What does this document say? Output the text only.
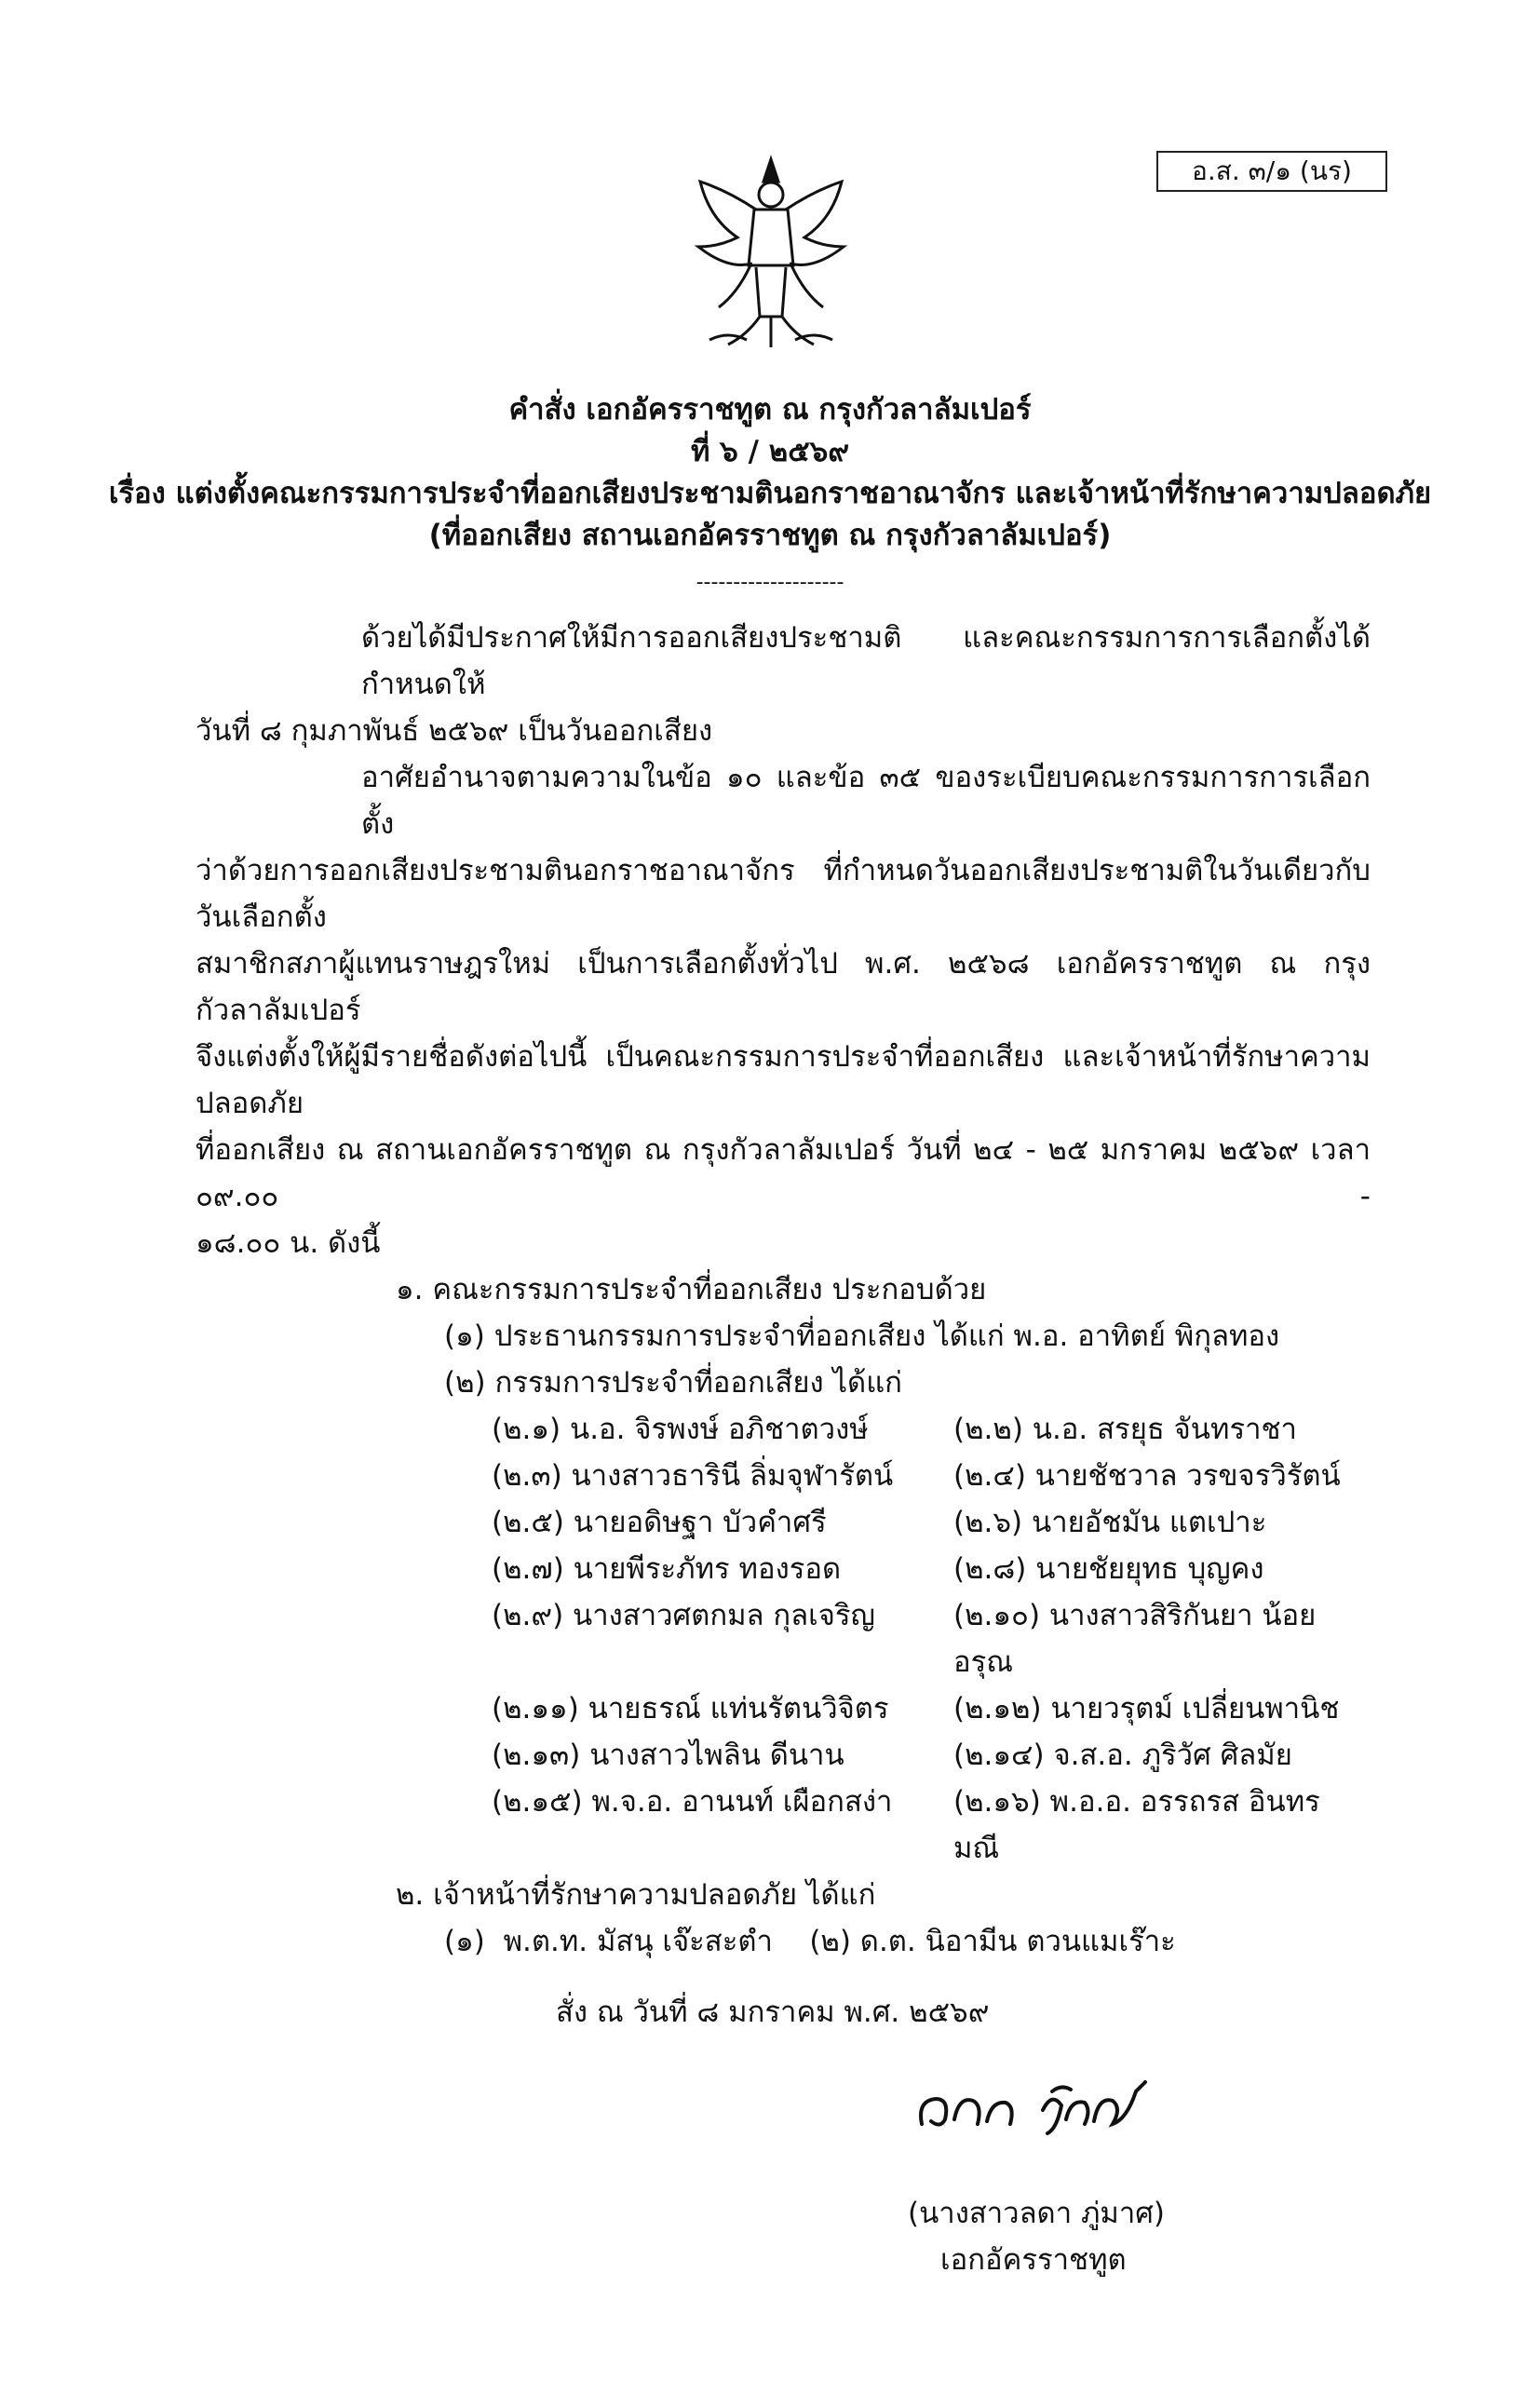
อ.ส. ๓/๑ (นร)
คำสั่ง เอกอัครราชทูต ณ กรุงกัวลาลัมเปอร์
ที่ ๖ / ๒๕๖๙
เรื่อง แต่งตั้งคณะกรรมการประจำที่ออกเสียงประชามตินอกราชอาณาจักร และเจ้าหน้าที่รักษาความปลอดภัย
(ที่ออกเสียง สถานเอกอัครราชทูต ณ กรุงกัวลาลัมเปอร์)
--------------------
ด้วยได้มีประกาศให้มีการออกเสียงประชามติ และคณะกรรมการการเลือกตั้งได้กำหนดให้
วันที่ ๘ กุมภาพันธ์ ๒๕๖๙ เป็นวันออกเสียง
อาศัยอำนาจตามความในข้อ ๑๐ และข้อ ๓๕ ของระเบียบคณะกรรมการการเลือกตั้ง
ว่าด้วยการออกเสียงประชามตินอกราชอาณาจักร ที่กำหนดวันออกเสียงประชามติในวันเดียวกับวันเลือกตั้ง
สมาชิกสภาผู้แทนราษฎรใหม่ เป็นการเลือกตั้งทั่วไป พ.ศ. ๒๕๖๘ เอกอัครราชทูต ณ กรุงกัวลาลัมเปอร์
จึงแต่งตั้งให้ผู้มีรายชื่อดังต่อไปนี้ เป็นคณะกรรมการประจำที่ออกเสียง และเจ้าหน้าที่รักษาความปลอดภัย
ที่ออกเสียง ณ สถานเอกอัครราชทูต ณ กรุงกัวลาลัมเปอร์ วันที่ ๒๔ - ๒๕ มกราคม ๒๕๖๙ เวลา ๐๙.๐๐ -
๑๘.๐๐ น. ดังนี้
๑. คณะกรรมการประจำที่ออกเสียง ประกอบด้วย
(๑) ประธานกรรมการประจำที่ออกเสียง ได้แก่ พ.อ. อาทิตย์ พิกุลทอง
(๒) กรรมการประจำที่ออกเสียง ได้แก่
(๒.๑) น.อ. จิรพงษ์ อภิชาตวงษ์	(๒.๒) น.อ. สรยุธ จันทราชา
(๒.๓) นางสาวธารินี ลิ่มจุฬารัตน์	(๒.๔) นายชัชวาล วรขจรวิรัตน์
(๒.๕) นายอดิษฐา บัวคำศรี	(๒.๖) นายอัชมัน แตเปาะ
(๒.๗) นายพีระภัทร ทองรอด	(๒.๘) นายชัยยุทธ บุญคง
(๒.๙) นางสาวศตกมล กุลเจริญ	(๒.๑๐) นางสาวสิริกันยา น้อยอรุณ
(๒.๑๑) นายธรณ์ แท่นรัตนวิจิตร	(๒.๑๒) นายวรุตม์ เปลี่ยนพานิช
(๒.๑๓) นางสาวไพลิน ดีนาน	(๒.๑๔) จ.ส.อ. ภูริวัศ ศิลมัย
(๒.๑๕) พ.จ.อ. อานนท์ เผือกสง่า	(๒.๑๖) พ.อ.อ. อรรถรส อินทรมณี
๒. เจ้าหน้าที่รักษาความปลอดภัย ได้แก่
(๑)  พ.ต.ท. มัสนุ เจ๊ะสะตำ    (๒) ด.ต. นิอามีน ตวนแมเร๊าะ
สั่ง ณ วันที่ ๘ มกราคม พ.ศ. ๒๕๖๙
(นางสาวลดา ภู่มาศ)
เอกอัครราชทูต
